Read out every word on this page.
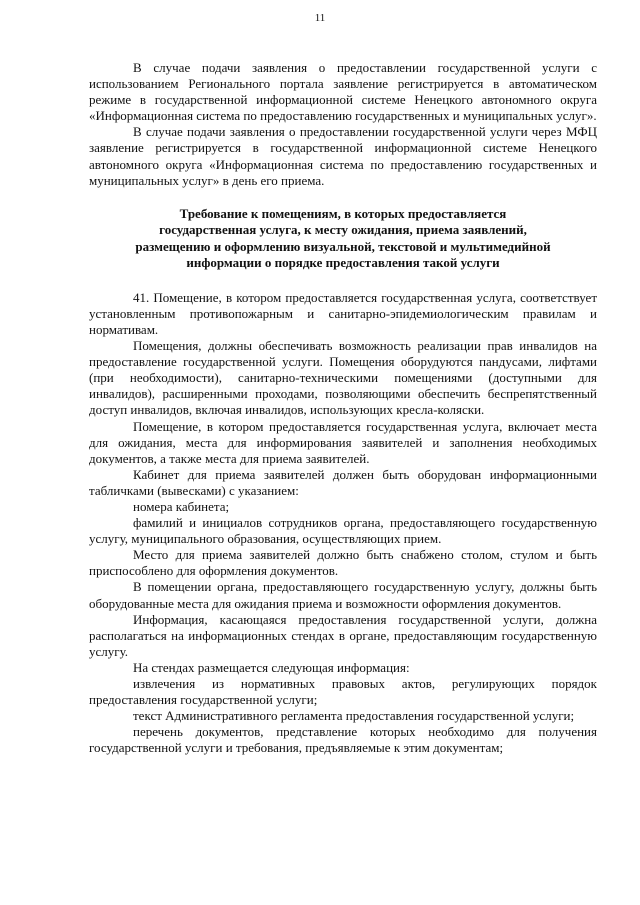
11

В случае подачи заявления о предоставлении государственной услуги с использованием Регионального портала заявление регистрируется в автоматическом режиме в государственной информационной системе Ненецкого автономного округа «Информационная система по предоставлению государственных и муниципальных услуг».

В случае подачи заявления о предоставлении государственной услуги через МФЦ заявление регистрируется в государственной информационной системе Ненецкого автономного округа «Информационная система по предоставлению государственных и муниципальных услуг» в день его приема.

Требование к помещениям, в которых предоставляется
государственная услуга, к месту ожидания, приема заявлений,
размещению и оформлению визуальной, текстовой и мультимедийной
информации о порядке предоставления такой услуги

41. Помещение, в котором предоставляется государственная услуга, соответствует установленным противопожарным и санитарно-эпидемиологическим правилам и нормативам.

Помещения, должны обеспечивать возможность реализации прав инвалидов на предоставление государственной услуги. Помещения оборудуются пандусами, лифтами (при необходимости), санитарно-техническими помещениями (доступными для инвалидов), расширенными проходами, позволяющими обеспечить беспрепятственный доступ инвалидов, включая инвалидов, использующих кресла-коляски.

Помещение, в котором предоставляется государственная услуга, включает места для ожидания, места для информирования заявителей и заполнения необходимых документов, а также места для приема заявителей.

Кабинет для приема заявителей должен быть оборудован информационными табличками (вывесками) с указанием:

номера кабинета;

фамилий и инициалов сотрудников органа, предоставляющего государственную услугу, муниципального образования, осуществляющих прием.

Место для приема заявителей должно быть снабжено столом, стулом и быть приспособлено для оформления документов.

В помещении органа, предоставляющего государственную услугу, должны быть оборудованные места для ожидания приема и возможности оформления документов.

Информация, касающаяся предоставления государственной услуги, должна располагаться на информационных стендах в органе, предоставляющим государственную услугу.

На стендах размещается следующая информация:

извлечения из нормативных правовых актов, регулирующих порядок предоставления государственной услуги;

текст Административного регламента предоставления государственной услуги;

перечень документов, представление которых необходимо для получения государственной услуги и требования, предъявляемые к этим документам;
